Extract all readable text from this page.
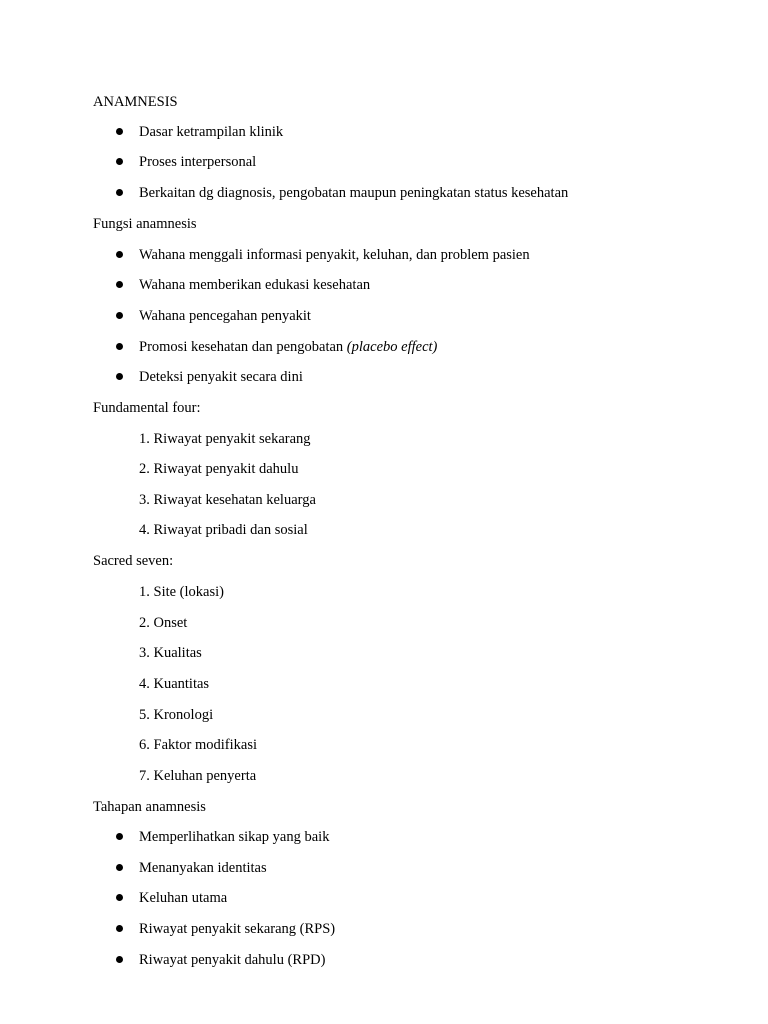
ANAMNESIS
Dasar ketrampilan klinik
Proses interpersonal
Berkaitan dg diagnosis, pengobatan maupun peningkatan status kesehatan
Fungsi anamnesis
Wahana menggali informasi penyakit, keluhan, dan problem pasien
Wahana memberikan edukasi kesehatan
Wahana pencegahan penyakit
Promosi kesehatan dan pengobatan (placebo effect)
Deteksi penyakit secara dini
Fundamental four:
1. Riwayat penyakit sekarang
2. Riwayat penyakit dahulu
3. Riwayat kesehatan keluarga
4. Riwayat pribadi dan sosial
Sacred seven:
1. Site (lokasi)
2. Onset
3. Kualitas
4. Kuantitas
5. Kronologi
6. Faktor modifikasi
7. Keluhan penyerta
Tahapan anamnesis
Memperlihatkan sikap yang baik
Menanyakan identitas
Keluhan utama
Riwayat penyakit sekarang (RPS)
Riwayat penyakit dahulu (RPD)
